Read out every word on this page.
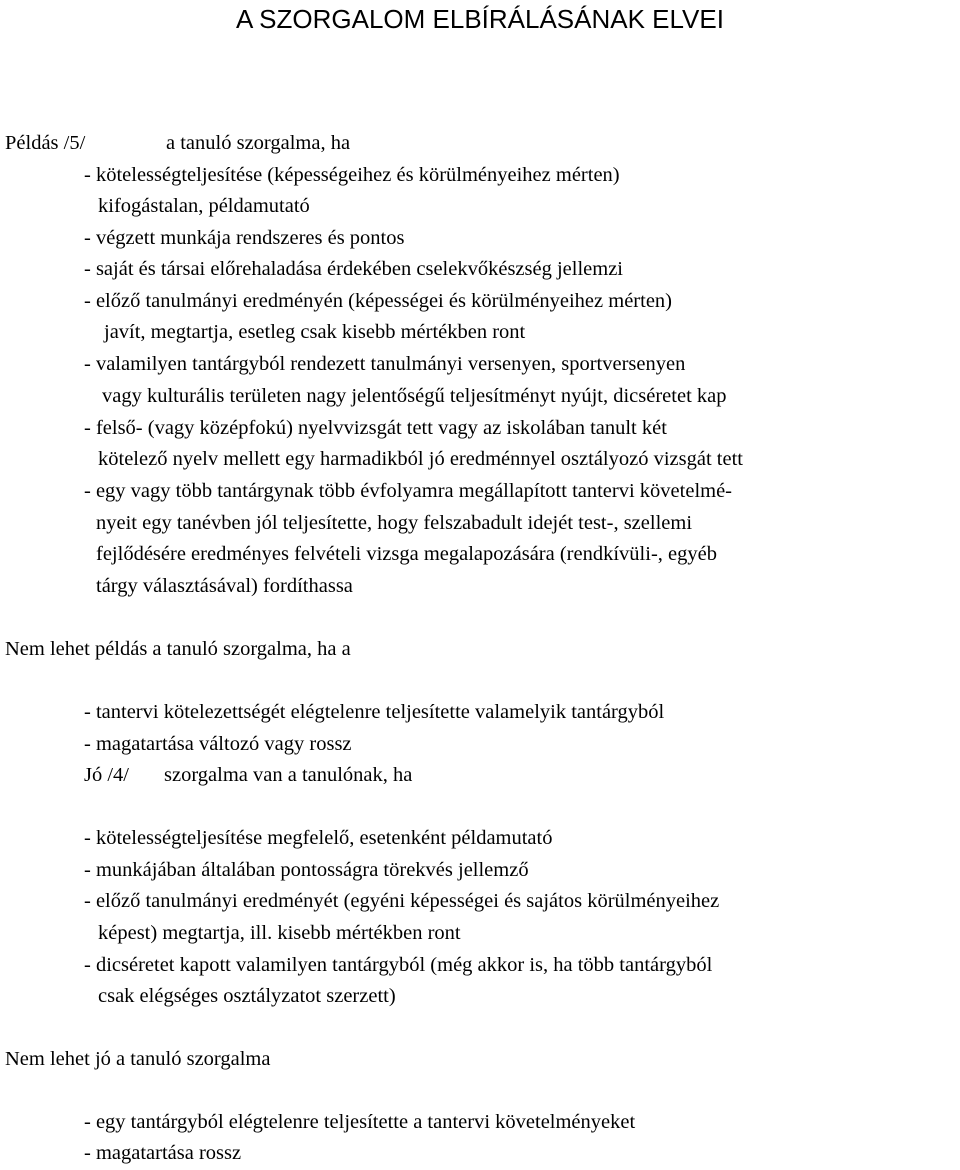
A SZORGALOM ELBÍRÁLÁSÁNAK ELVEI
Példás /5/	a tanuló szorgalma, ha
- kötelességteljesítése (képességeihez és körülményeihez mérten)
kifogástalan, példamutató
- végzett munkája rendszeres és pontos
- saját és társai előrehaladása érdekében cselekvőkészség jellemzi
- előző tanulmányi eredményén (képességei és körülményeihez mérten)
javít, megtartja, esetleg csak kisebb mértékben ront
- valamilyen tantárgyból rendezett tanulmányi versenyen, sportversenyen
vagy kulturális területen nagy jelentőségű teljesítményt nyújt, dicséretet kap
- felső- (vagy középfokú) nyelvvizsgát tett vagy az iskolában tanult két
kötelező nyelv mellett egy harmadikból jó eredménnyel osztályozó vizsgát tett
- egy vagy több tantárgynak több évfolyamra megállapított tantervi követelmé-
nyeit egy tanévben jól teljesítette, hogy felszabadult idejét test-, szellemi
fejlődésére eredményes felvételi vizsga megalapozására (rendkívüli-, egyéb
tárgy választásával) fordíthassa
Nem lehet példás a tanuló szorgalma, ha a
- tantervi kötelezettségét elégtelenre teljesítette valamelyik tantárgyból
- magatartása változó vagy rossz
Jó /4/ szorgalma van a tanulónak, ha
- kötelességteljesítése megfelelő, esetenként példamutató
- munkájában általában pontosságra törekvés jellemző
- előző tanulmányi eredményét (egyéni képességei és sajátos körülményeihez
képest) megtartja, ill. kisebb mértékben ront
- dicséretet kapott valamilyen tantárgyból (még akkor is, ha több tantárgyból
csak elégséges osztályzatot szerzett)
Nem lehet jó a tanuló szorgalma
- egy tantárgyból elégtelenre teljesítette a tantervi követelményeket
- magatartása rossz
